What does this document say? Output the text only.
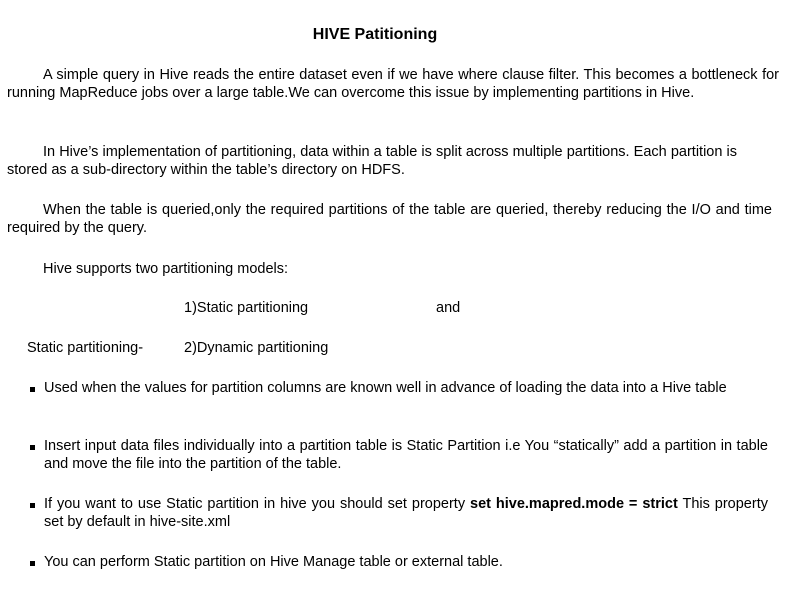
HIVE Patitioning
A simple query in Hive reads the entire dataset even if we have where clause filter. This becomes a bottleneck for running MapReduce jobs over a large table.We can overcome this issue by implementing partitions in Hive.
In Hive’s implementation of partitioning, data within a table is split across multiple partitions. Each partition is stored as a sub-directory within the table’s directory on HDFS.
When the table is queried,only the required partitions of the table are queried, thereby reducing the I/O and time required by the query.
Hive supports two partitioning models:
1)Static partitioning	and
Static partitioning-	2)Dynamic partitioning
Used when the values for partition columns are known well in advance of loading the data into a Hive table
Insert input data files individually into a partition table is Static Partition i.e You “statically” add a partition in table and move the file into the partition of the table.
If you want to use Static partition in hive you should set property set hive.mapred.mode = strict This property set by default in hive-site.xml
You can perform Static partition on Hive Manage table or external table.
